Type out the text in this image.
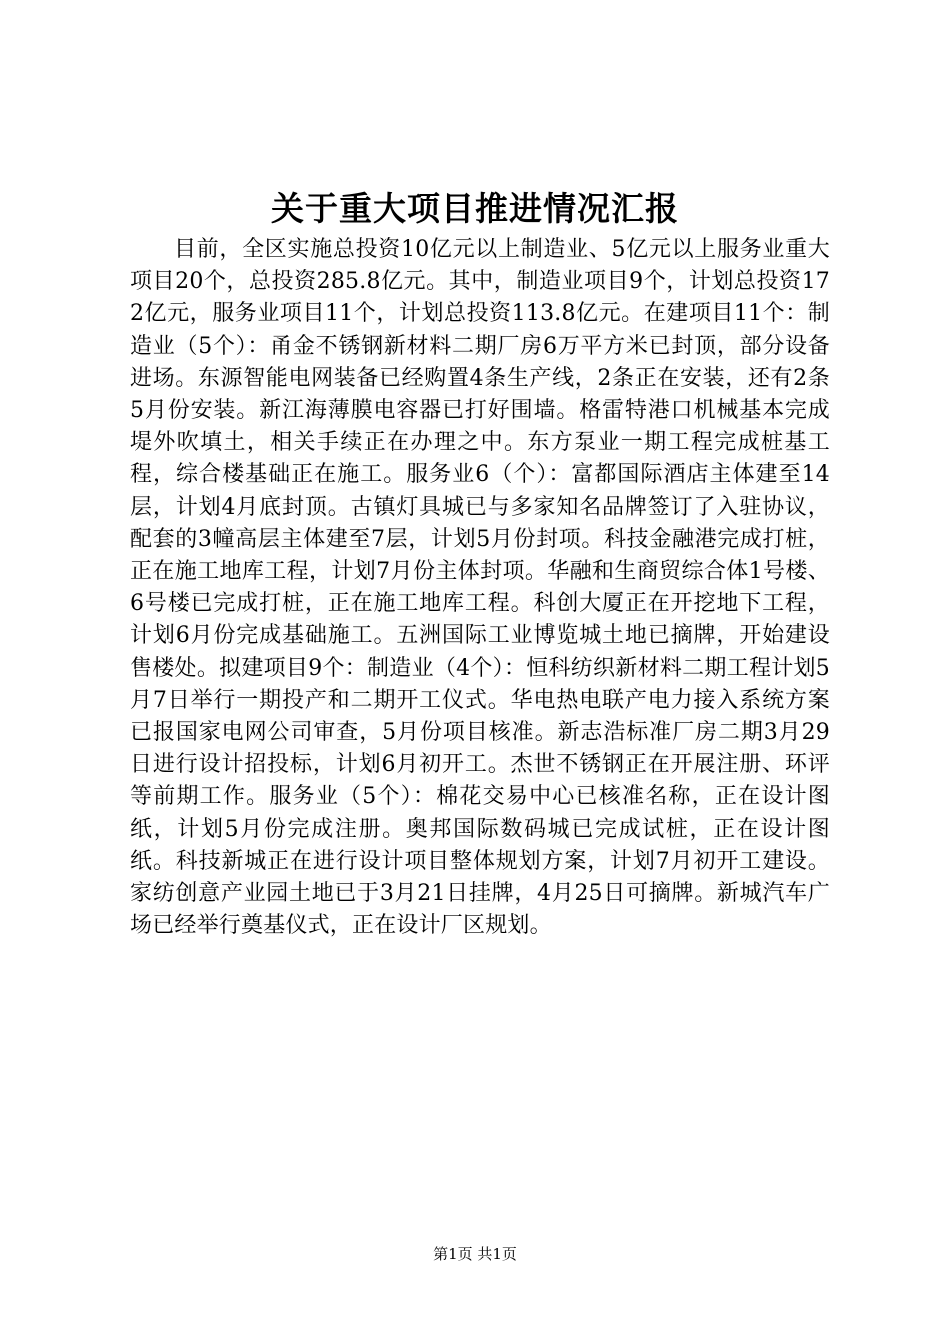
关于重大项目推进情况汇报

目前，全区实施总投资10亿元以上制造业、5亿元以上服务业重大项目20个，总投资285.8亿元。其中，制造业项目9个，计划总投资172亿元，服务业项目11个，计划总投资113.8亿元。在建项目11个：制造业（5个）：甬金不锈钢新材料二期厂房6万平方米已封顶，部分设备进场。东源智能电网装备已经购置4条生产线，2条正在安装，还有2条5月份安装。新江海薄膜电容器已打好围墙。格雷特港口机械基本完成堤外吹填土，相关手续正在办理之中。东方泵业一期工程完成桩基工程，综合楼基础正在施工。服务业6（个）：富都国际酒店主体建至14层，计划4月底封顶。古镇灯具城已与多家知名品牌签订了入驻协议，配套的3幢高层主体建至7层，计划5月份封项。科技金融港完成打桩，正在施工地库工程，计划7月份主体封项。华融和生商贸综合体1号楼、6号楼已完成打桩，正在施工地库工程。科创大厦正在开挖地下工程，计划6月份完成基础施工。五洲国际工业博览城土地已摘牌，开始建设售楼处。拟建项目9个：制造业（4个）：恒科纺织新材料二期工程计划5月7日举行一期投产和二期开工仪式。华电热电联产电力接入系统方案已报国家电网公司审查，5月份项目核准。新志浩标准厂房二期3月29日进行设计招投标，计划6月初开工。杰世不锈钢正在开展注册、环评等前期工作。服务业（5个）：棉花交易中心已核准名称，正在设计图纸，计划5月份完成注册。奥邦国际数码城已完成试桩，正在设计图纸。科技新城正在进行设计项目整体规划方案，计划7月初开工建设。家纺创意产业园土地已于3月21日挂牌，4月25日可摘牌。新城汽车广场已经举行奠基仪式，正在设计厂区规划。

第1页 共1页
